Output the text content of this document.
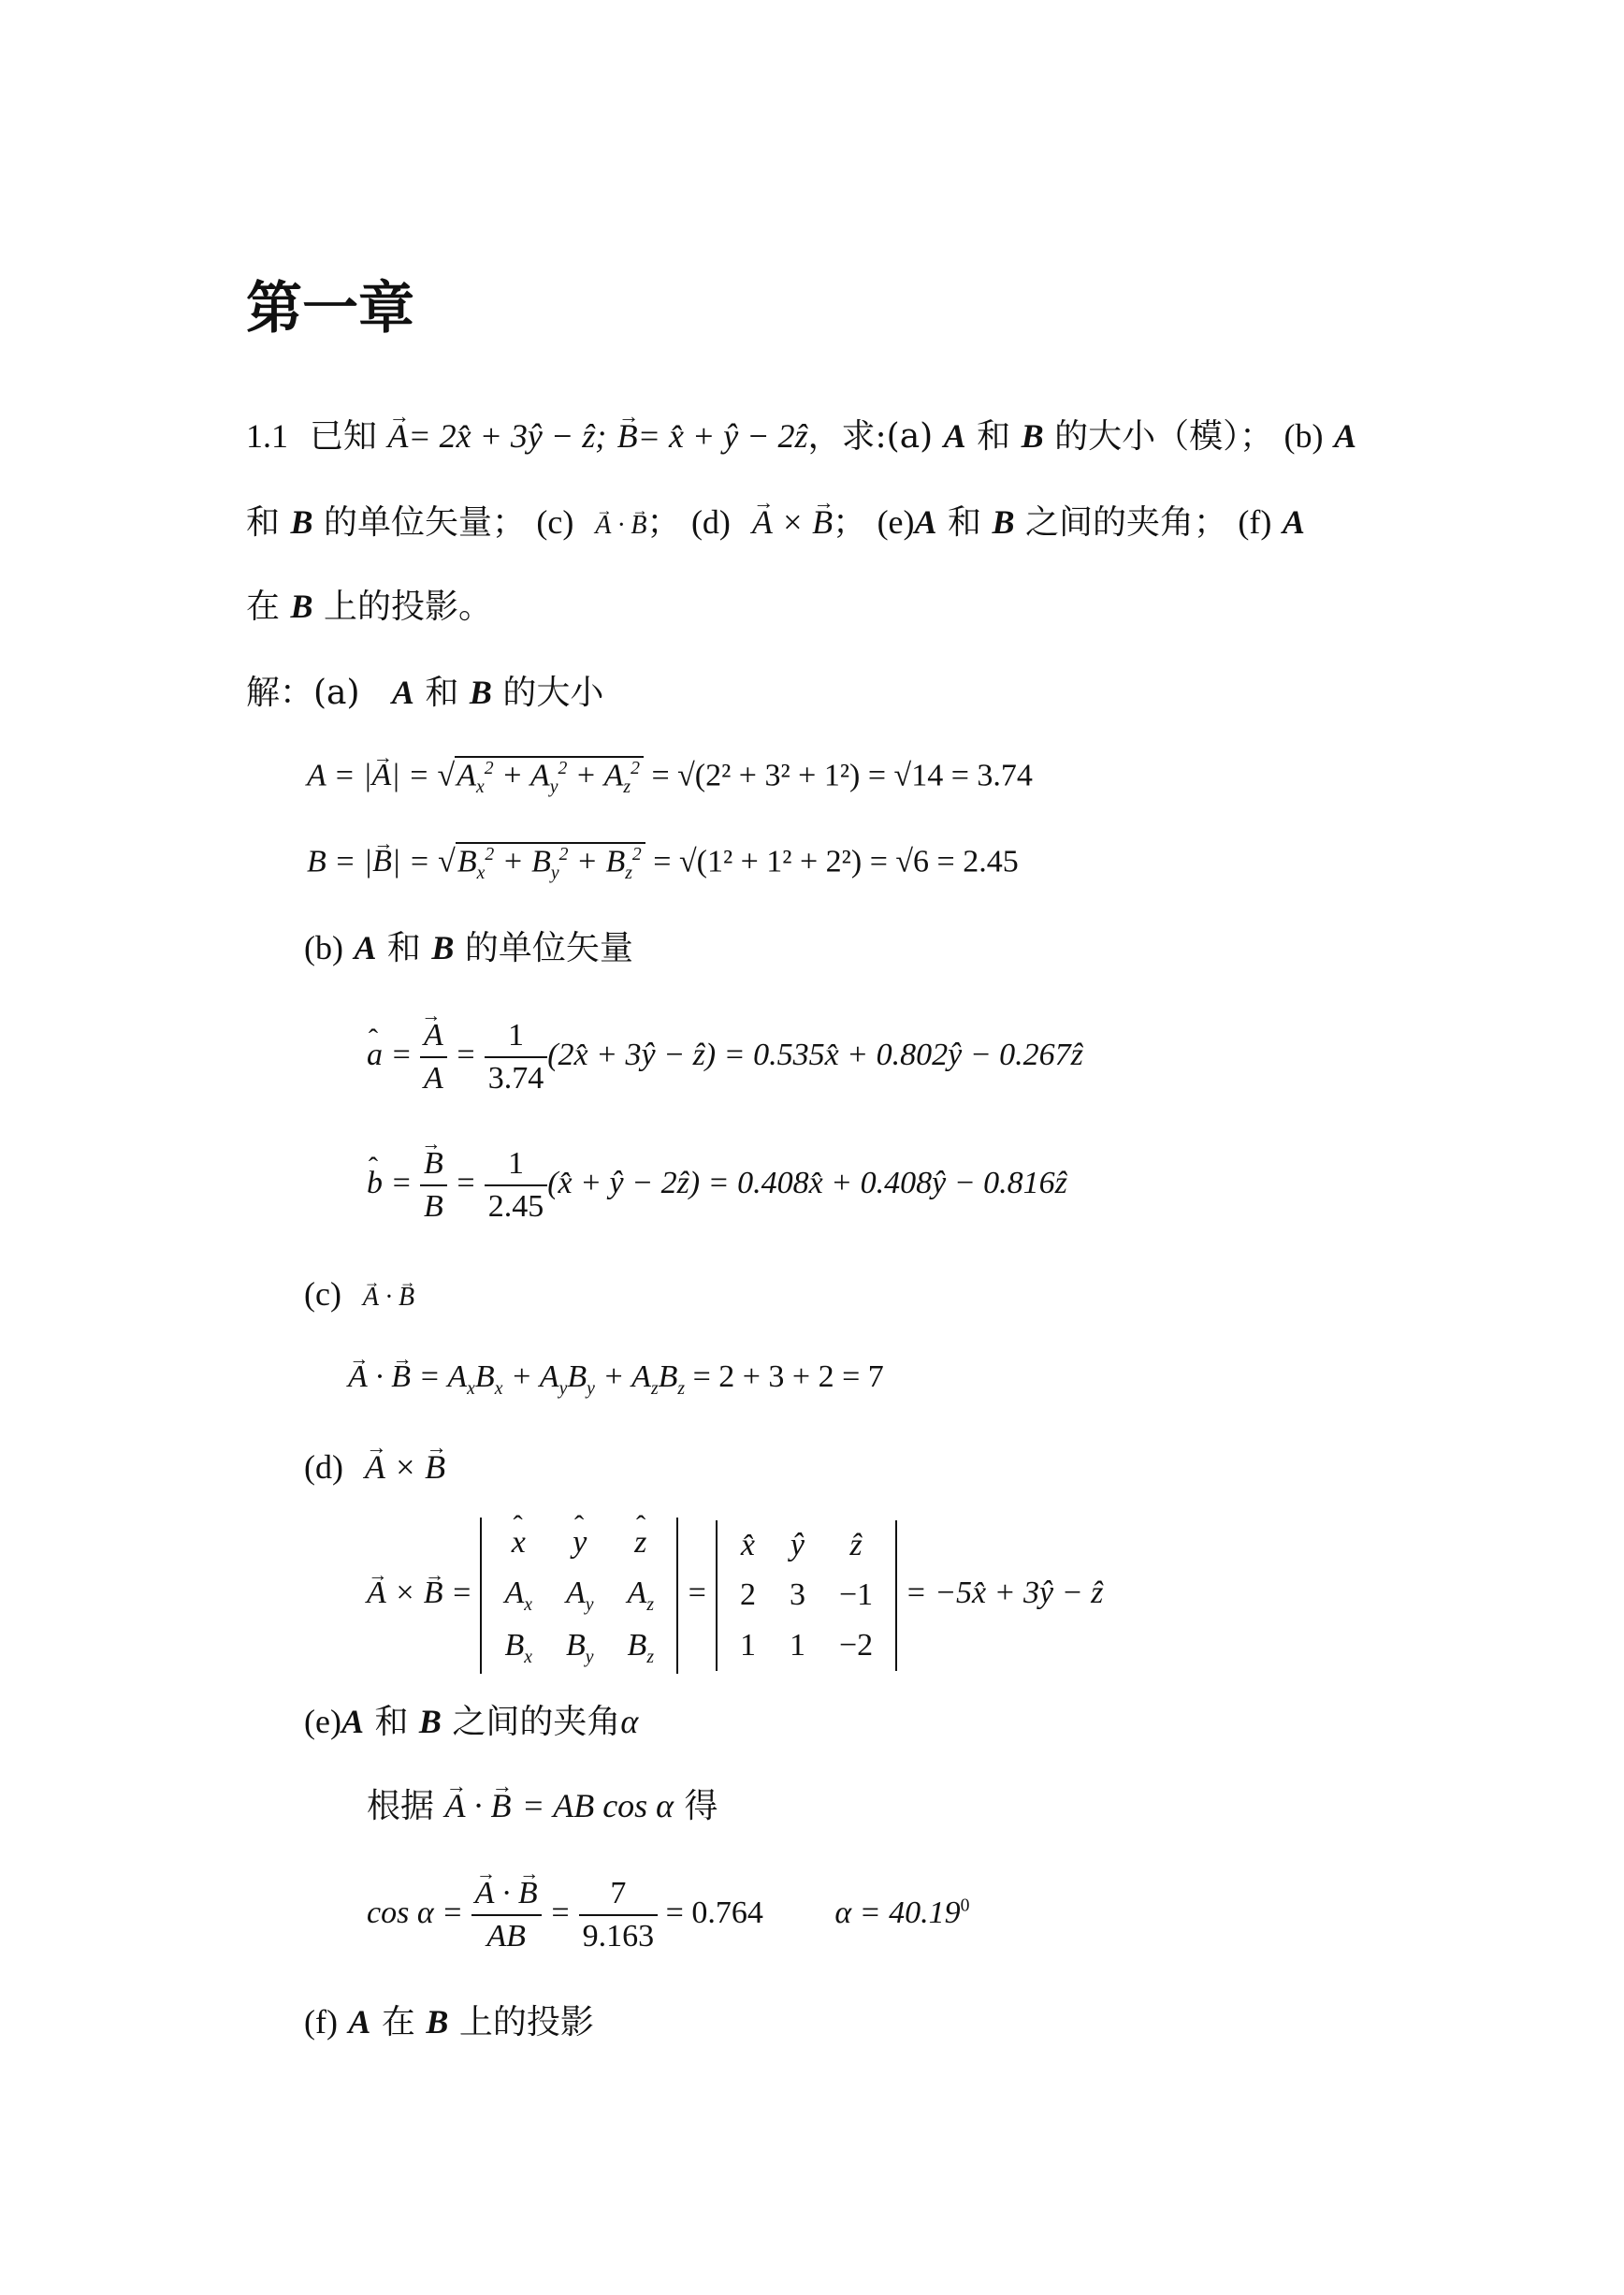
第一章
1.1 已知 → A= 2x̂ + 3ŷ − ẑ; → B= x̂ + ŷ − 2ẑ，求:(a) A 和 B 的大小（模）； (b) A
和 B 的单位矢量； (c) → A · → B； (d) → A × → B； (e)A 和 B 之间的夹角； (f) A
在 B 上的投影。
解：(a) A 和 B 的大小
A = |→ $A| = √A_x^2 + A_y^2 + A_z^2 = √(2^2 + 3^2 + 1^2) = √14 = 3.74$
B = |→ $B| = √B_x^2 + B_y^2 + B_z^2 = √(1^2 + 1^2 + 2^2) = √6 = 2.45$
(b) A 和 B 的单位矢量
ˆ a = → $\frac{A}{A} = \frac{1}{3.74}$ (2x̂ + 3ŷ − ẑ) = 0.535x̂ + 0.802ŷ − 0.267ẑ
ˆ b = → $\frac{B}{B} = \frac{1}{2.45}$ (x̂ + ŷ − 2ẑ) = 0.408x̂ + 0.408ŷ − 0.816ẑ
(c) → A · → B
→ A · → $B = A_xB_x + A_yB_y + A_zB_z = 2 + 3 + 2 = 7$
(d) → A × → B
→ A × → B =
ˆ x	ˆ y	ˆ z
$A_x$	$A_y$	$A_z$
$B_x$	$B_y$	$B_z$
=
x̂	ŷ	ẑ
2	3	−1
1	1	−2
= −5x̂ + 3ŷ − ẑ
(e)A 和 B 之间的夹角α
根据 → A · → B = AB cos α 得
cos α = → $\frac{A \cdot \to B}{AB} = \frac{7}{9.163} = 0.764$ $\alpha = 40.19^0$
(f) A 在 B 上的投影
